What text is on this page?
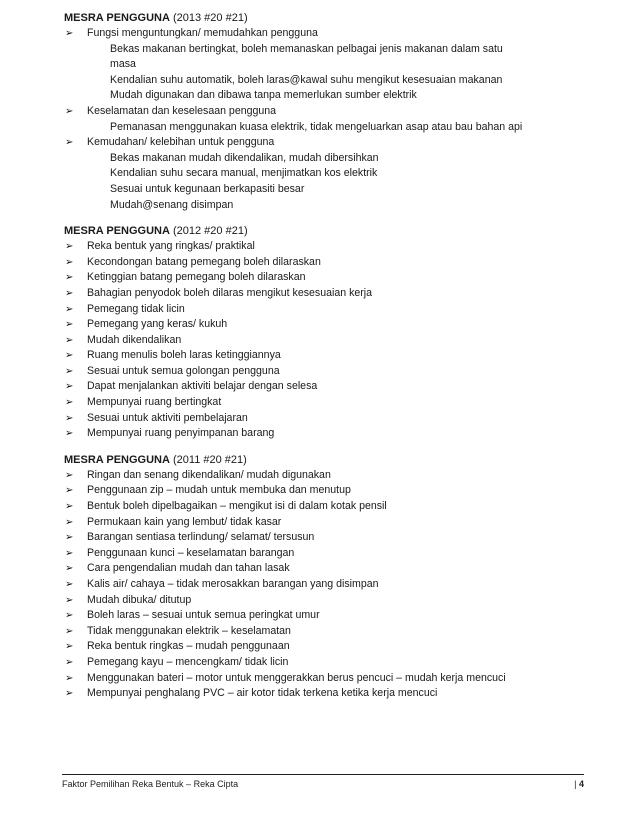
MESRA PENGGUNA (2013 #20 #21)
➢ Fungsi menguntungkan/ memudahkan pengguna
Bekas makanan bertingkat, boleh memanaskan pelbagai jenis makanan dalam satu
masa
Kendalian suhu automatik, boleh laras@kawal suhu mengikut kesesuaian makanan
Mudah digunakan dan dibawa tanpa memerlukan sumber elektrik
➢ Keselamatan dan keselesaan pengguna
Pemanasan menggunakan kuasa elektrik, tidak mengeluarkan asap atau bau bahan api
➢ Kemudahan/ kelebihan untuk pengguna
Bekas makanan mudah dikendalikan, mudah dibersihkan
Kendalian suhu secara manual, menjimatkan kos elektrik
Sesuai untuk kegunaan berkapasiti besar
Mudah@senang disimpan
MESRA PENGGUNA (2012 #20 #21)
➢ Reka bentuk yang ringkas/ praktikal
➢ Kecondongan batang pemegang boleh dilaraskan
➢ Ketinggian batang pemegang boleh dilaraskan
➢ Bahagian penyodok boleh dilaras mengikut kesesuaian kerja
➢ Pemegang tidak licin
➢ Pemegang yang keras/ kukuh
➢ Mudah dikendalikan
➢ Ruang menulis boleh laras ketinggiannya
➢ Sesuai untuk semua golongan pengguna
➢ Dapat menjalankan aktiviti belajar dengan selesa
➢ Mempunyai ruang bertingkat
➢ Sesuai untuk aktiviti pembelajaran
➢ Mempunyai ruang penyimpanan barang
MESRA PENGGUNA (2011 #20 #21)
➢ Ringan dan senang dikendalikan/ mudah digunakan
➢ Penggunaan zip – mudah untuk membuka dan menutup
➢ Bentuk boleh dipelbagaikan – mengikut isi di dalam kotak pensil
➢ Permukaan kain yang lembut/ tidak kasar
➢ Barangan sentiasa terlindung/ selamat/ tersusun
➢ Penggunaan kunci – keselamatan barangan
➢ Cara pengendalian mudah dan tahan lasak
➢ Kalis air/ cahaya – tidak merosakkan barangan yang disimpan
➢ Mudah dibuka/ ditutup
➢ Boleh laras – sesuai untuk semua peringkat umur
➢ Tidak menggunakan elektrik – keselamatan
➢ Reka bentuk ringkas – mudah penggunaan
➢ Pemegang kayu – mencengkam/ tidak licin
➢ Menggunakan bateri – motor untuk menggerakkan berus pencuci – mudah kerja mencuci
➢ Mempunyai penghalang PVC – air kotor tidak terkena ketika kerja mencuci
Faktor Pemilihan Reka Bentuk – Reka Cipta	| 4
